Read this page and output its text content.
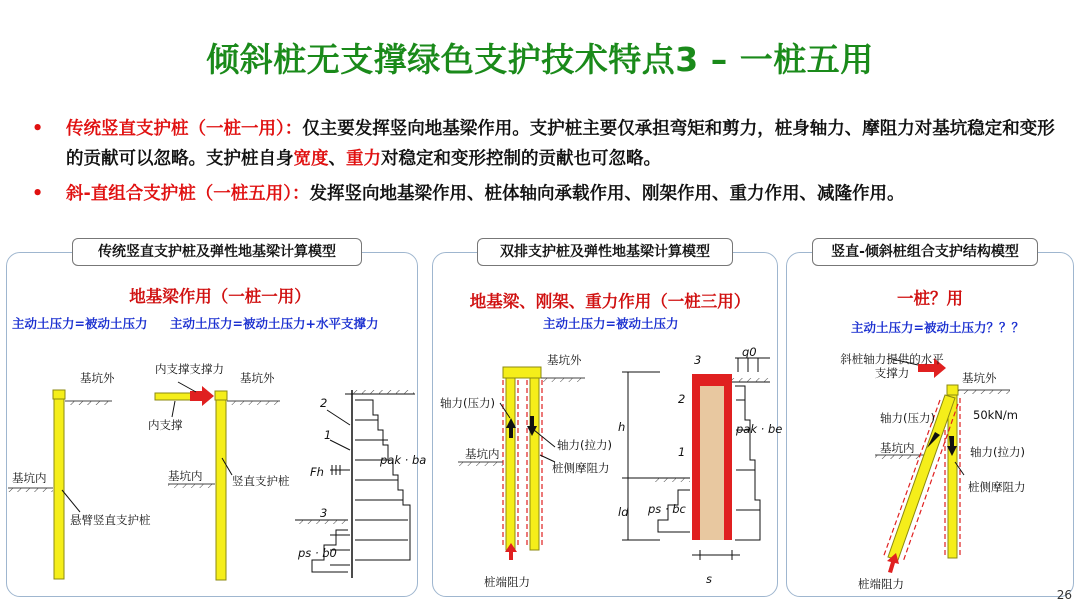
倾斜桩无支撑绿色支护技术特点3 – 一桩五用
• 传统竖直支护桩（一桩一用）：仅主要发挥竖向地基梁作用。支护桩主要仅承担弯矩和剪力，桩身轴力、摩阻力对基坑稳定和变形的贡献可以忽略。支护桩自身宽度、重力对稳定和变形控制的贡献也可忽略。
• 斜-直组合支护桩（一桩五用）：发挥竖向地基梁作用、桩体轴向承载作用、刚架作用、重力作用、减隆作用。
传统竖直支护桩及弹性地基梁计算模型
地基梁作用（一桩一用）
主动土压力=被动土压力 主动土压力=被动土压力+水平支撑力
基坑外
基坑内
悬臂竖直支护桩
内支撑支撑力
内支撑
基坑外
基坑内	竖直支护桩
2
1
Fh
3
pak · ba
ps · b0
双排支护桩及弹性地基梁计算模型
地基梁、刚架、重力作用（一桩三用）
主动土压力=被动土压力
基坑外
轴力(压力)
轴力(拉力)
基坑内
桩侧摩阻力
桩端阻力
3
2
1
q0
h
ld
pak · be
ps · bc
s
竖直-倾斜桩组合支护结构模型
一桩？用
主动土压力=被动土压力？？？
斜桩轴力提供的水平支撑力	基坑外
50kN/m
轴力(压力)
基坑内	轴力(拉力)
桩侧摩阻力
桩端阻力
26
